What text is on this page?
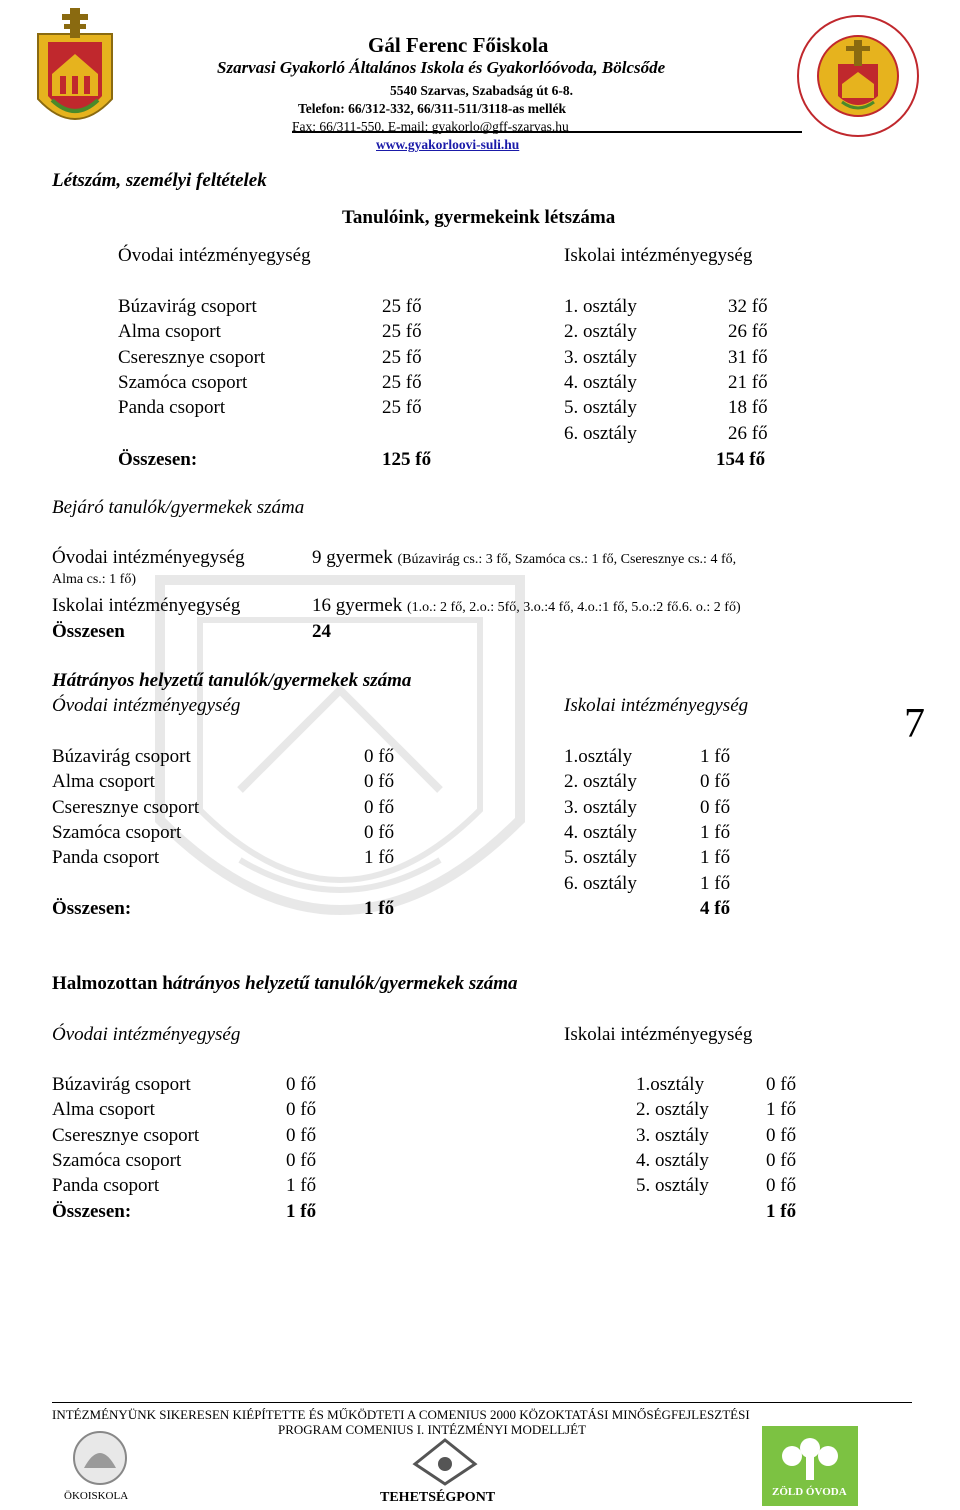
Gál Ferenc Főiskola
Szarvasi Gyakorló Általános Iskola és Gyakorlóóvoda, Bölcsőde
5540 Szarvas, Szabadság út 6-8.
Telefon: 66/312-332, 66/311-511/3118-as mellék
Fax: 66/311-550, E-mail: gyakorlo@gff-szarvas.hu
www.gyakorloovi-suli.hu
Létszám, személyi feltételek
Tanulóink, gyermekeink létszáma
Óvodai intézményegység	Iskolai intézményegység
Búzavirág csoport	25 fő
Alma csoport	25 fő
Cseresznye csoport	25 fő
Szamóca csoport	25 fő
Panda csoport	25 fő
1. osztály	32 fő
2. osztály	26 fő
3. osztály	31 fő
4. osztály	21 fő
5. osztály	18 fő
6. osztály	26 fő
Összesen:	125 fő	154 fő
Bejáró tanulók/gyermekek száma
Óvodai intézményegység	9 gyermek (Búzavirág cs.: 3 fő, Szamóca cs.: 1 fő, Cseresznye cs.: 4 fő,
Alma cs.: 1 fő)
Iskolai intézményegység	16 gyermek (1.o.: 2 fő, 2.o.: 5fő, 3.o.:4 fő, 4.o.:1 fő, 5.o.:2 fő.6. o.: 2 fő)
Összesen	24
Hátrányos helyzetű tanulók/gyermekek száma
Óvodai intézményegység	Iskolai intézményegység
Búzavirág csoport	0 fő
Alma csoport	0 fő
Cseresznye csoport	0 fő
Szamóca csoport	0 fő
Panda csoport	1 fő
1.osztály	1 fő
2. osztály	0 fő
3. osztály	0 fő
4. osztály	1 fő
5. osztály	1 fő
6. osztály	1 fő
Összesen:	1 fő	4 fő
7
Halmozottan hátrányos helyzetű tanulók/gyermekek száma
Óvodai intézményegység	Iskolai intézményegység
Búzavirág csoport	0 fő
Alma csoport	0 fő
Cseresznye csoport	0 fő
Szamóca csoport	0 fő
Panda csoport	1 fő
1.osztály	0 fő
2. osztály	1 fő
3. osztály	0 fő
4. osztály	0 fő
5. osztály	0 fő
Összesen:	1 fő	1 fő
INTÉZMÉNYÜNK SIKERESEN KIÉPÍTETTE ÉS MŰKÖDTETI A COMENIUS 2000 KÖZOKTATÁSI MINŐSÉGFEJLESZTÉSI
PROGRAM COMENIUS I. INTÉZMÉNYI MODELLJÉT
ÖKOISKOLA	TEHETSÉGPONT	ZÖLD ÓVODA
